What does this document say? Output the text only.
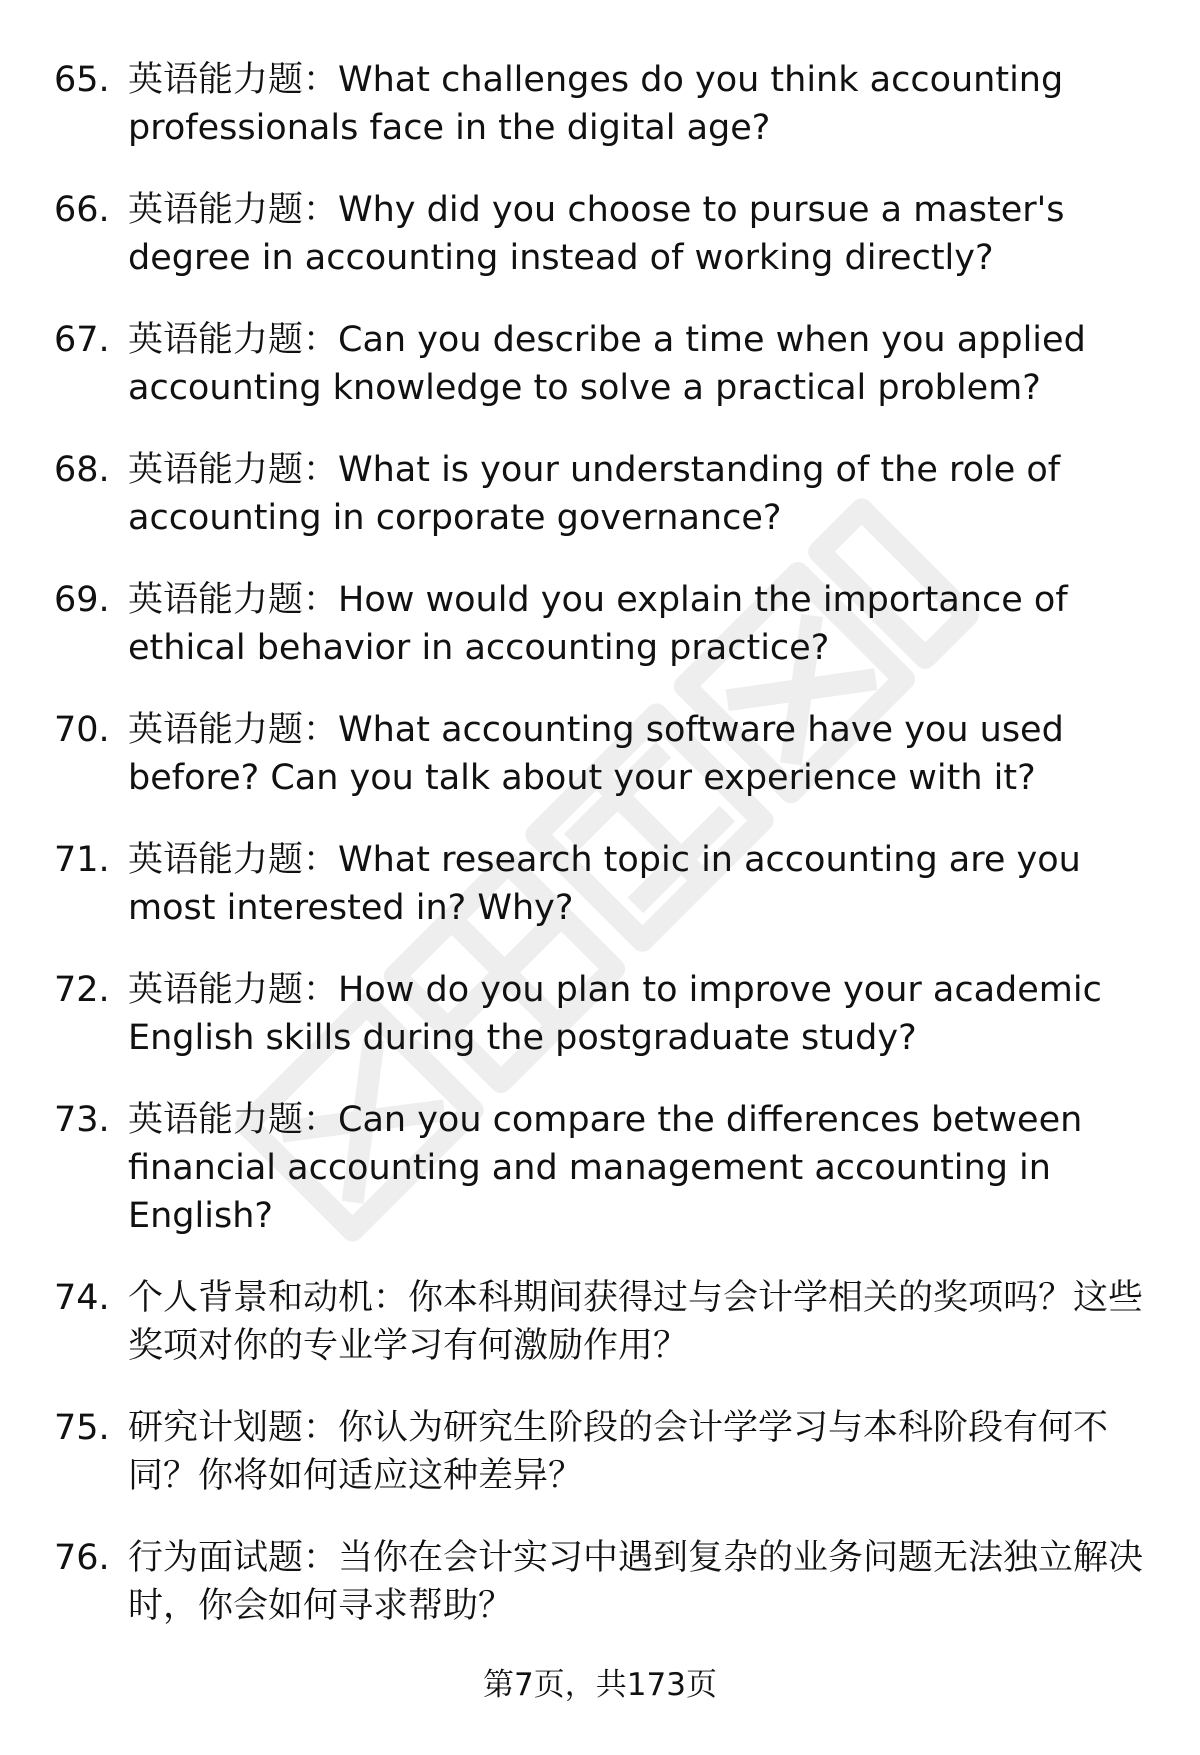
65. 英语能力题：What challenges do you think accounting professionals face in the digital age?
66. 英语能力题：Why did you choose to pursue a master's degree in accounting instead of working directly?
67. 英语能力题：Can you describe a time when you applied accounting knowledge to solve a practical problem?
68. 英语能力题：What is your understanding of the role of accounting in corporate governance?
69. 英语能力题：How would you explain the importance of ethical behavior in accounting practice?
70. 英语能力题：What accounting software have you used before? Can you talk about your experience with it?
71. 英语能力题：What research topic in accounting are you most interested in? Why?
72. 英语能力题：How do you plan to improve your academic English skills during the postgraduate study?
73. 英语能力题：Can you compare the differences between financial accounting and management accounting in English?
74. 个人背景和动机：你本科期间获得过与会计学相关的奖项吗？这些奖项对你的专业学习有何激励作用？
75. 研究计划题：你认为研究生阶段的会计学学习与本科阶段有何不同？你将如何适应这种差异？
76. 行为面试题：当你在会计实习中遇到复杂的业务问题无法独立解决时，你会如何寻求帮助？
第7页，共173页
